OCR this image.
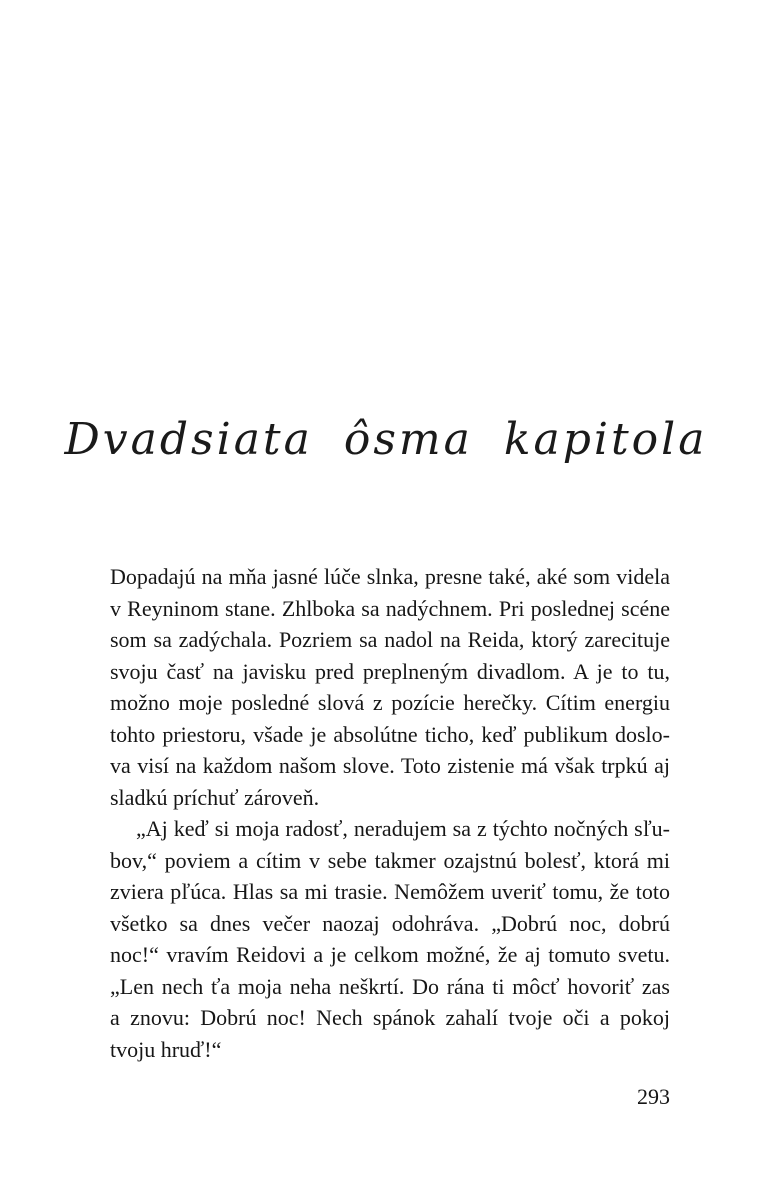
Dvadsiata ôsma kapitola
Dopadajú na mňa jasné lúče slnka, presne také, aké som videla
v Reyninom stane. Zhlboka sa nadýchnem. Pri poslednej scéne
som sa zadýchala. Pozriem sa nadol na Reida, ktorý zarecituje
svoju časť na javisku pred preplneným divadlom. A je to tu,
možno moje posledné slová z pozície herečky. Cítim energiu
tohto priestoru, všade je absolútne ticho, keď publikum doslo-
va visí na každom našom slove. Toto zistenie má však trpkú aj
sladkú príchuť zároveň.
„Aj keď si moja radosť, neradujem sa z týchto nočných sľu-
bov,“ poviem a cítim v sebe takmer ozajstnú bolesť, ktorá mi
zviera pľúca. Hlas sa mi trasie. Nemôžem uveriť tomu, že toto
všetko sa dnes večer naozaj odohráva. „Dobrú noc, dobrú
noc!“ vravím Reidovi a je celkom možné, že aj tomuto svetu.
„Len nech ťa moja neha neškrtí. Do rána ti môcť hovoriť zas
a znovu: Dobrú noc! Nech spánok zahalí tvoje oči a pokoj
tvoju hruď!“
293
